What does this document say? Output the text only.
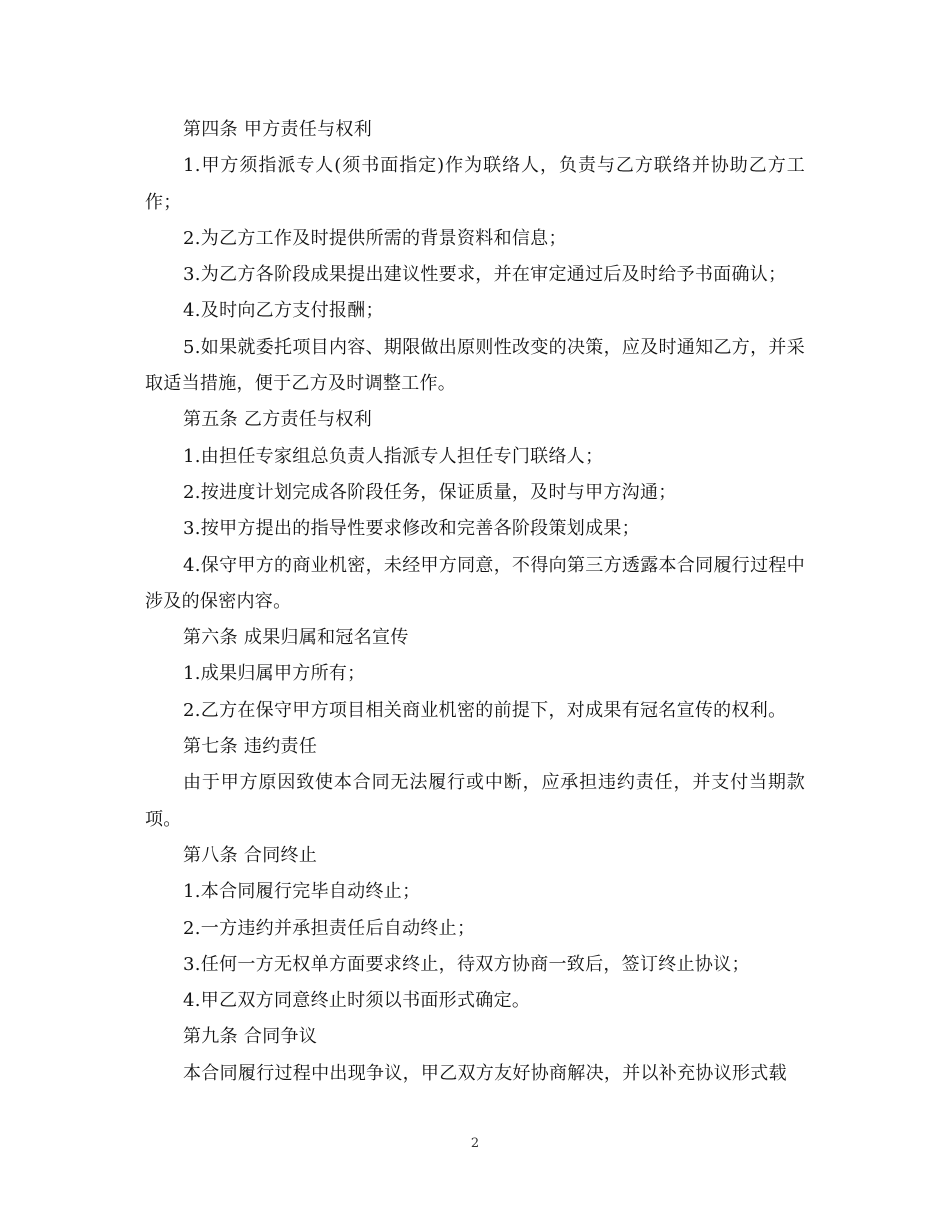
第四条 甲方责任与权利

1.甲方须指派专人(须书面指定)作为联络人，负责与乙方联络并协助乙方工作；

2.为乙方工作及时提供所需的背景资料和信息；

3.为乙方各阶段成果提出建议性要求，并在审定通过后及时给予书面确认；

4.及时向乙方支付报酬；

5.如果就委托项目内容、期限做出原则性改变的决策，应及时通知乙方，并采取适当措施，便于乙方及时调整工作。

第五条 乙方责任与权利

1.由担任专家组总负责人指派专人担任专门联络人；

2.按进度计划完成各阶段任务，保证质量，及时与甲方沟通；

3.按甲方提出的指导性要求修改和完善各阶段策划成果；

4.保守甲方的商业机密，未经甲方同意，不得向第三方透露本合同履行过程中涉及的保密内容。

第六条 成果归属和冠名宣传

1.成果归属甲方所有；

2.乙方在保守甲方项目相关商业机密的前提下，对成果有冠名宣传的权利。

第七条 违约责任

由于甲方原因致使本合同无法履行或中断，应承担违约责任，并支付当期款项。

第八条 合同终止

1.本合同履行完毕自动终止；

2.一方违约并承担责任后自动终止；

3.任何一方无权单方面要求终止，待双方协商一致后，签订终止协议；

4.甲乙双方同意终止时须以书面形式确定。

第九条 合同争议

本合同履行过程中出现争议，甲乙双方友好协商解决，并以补充协议形式载

2
